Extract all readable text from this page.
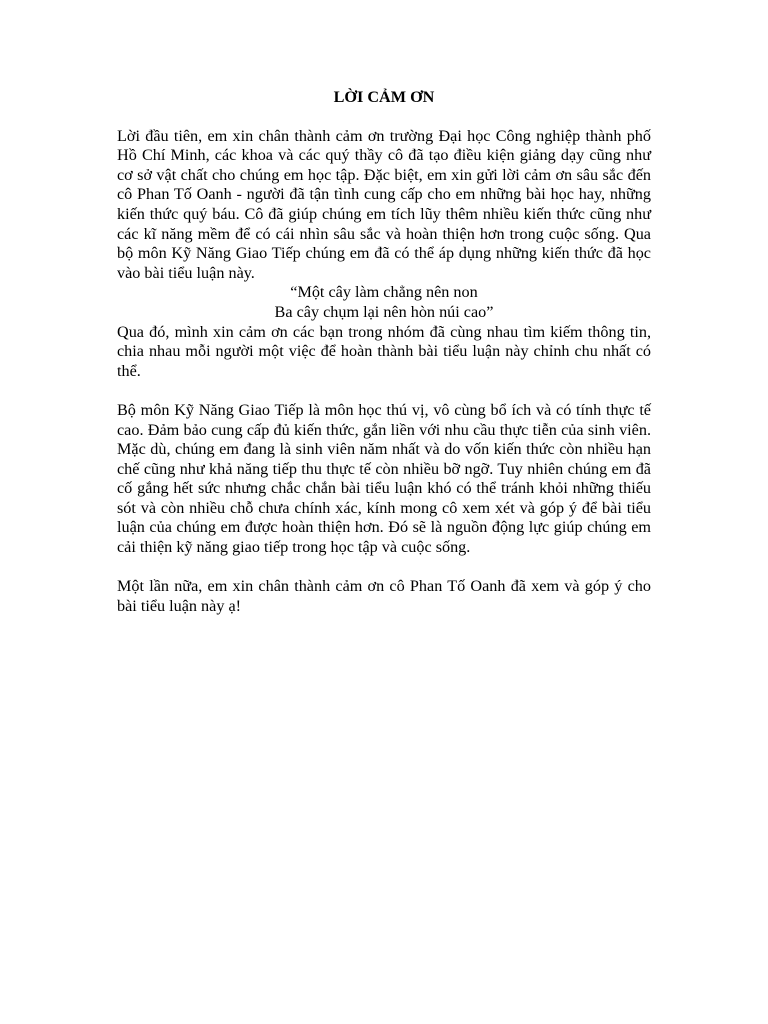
LỜI CẢM ƠN

Lời đầu tiên, em xin chân thành cảm ơn trường Đại học Công nghiệp thành phố Hồ Chí Minh, các khoa và các quý thầy cô đã tạo điều kiện giảng dạy cũng như cơ sở vật chất cho chúng em học tập. Đặc biệt, em xin gửi lời cảm ơn sâu sắc đến cô Phan Tố Oanh - người đã tận tình cung cấp cho em những bài học hay, những kiến thức quý báu. Cô đã giúp chúng em tích lũy thêm nhiều kiến thức cũng như các kĩ năng mềm để có cái nhìn sâu sắc và hoàn thiện hơn trong cuộc sống. Qua bộ môn Kỹ Năng Giao Tiếp chúng em đã có thể áp dụng những kiến thức đã học vào bài tiểu luận này.

“Một cây làm chẳng nên non

Ba cây chụm lại nên hòn núi cao”

Qua đó, mình xin cảm ơn các bạn trong nhóm đã cùng nhau tìm kiếm thông tin, chia nhau mỗi người một việc để hoàn thành bài tiểu luận này chỉnh chu nhất có thể.

Bộ môn Kỹ Năng Giao Tiếp là môn học thú vị, vô cùng bổ ích và có tính thực tế cao. Đảm bảo cung cấp đủ kiến thức, gắn liền với nhu cầu thực tiễn của sinh viên. Mặc dù, chúng em đang là sinh viên năm nhất và do vốn kiến thức còn nhiều hạn chế cũng như khả năng tiếp thu thực tế còn nhiều bỡ ngỡ. Tuy nhiên chúng em đã cố gắng hết sức nhưng chắc chắn bài tiểu luận khó có thể tránh khỏi những thiếu sót và còn nhiều chỗ chưa chính xác, kính mong cô xem xét và góp ý để bài tiểu luận của chúng em được hoàn thiện hơn. Đó sẽ là nguồn động lực giúp chúng em cải thiện kỹ năng giao tiếp trong học tập và cuộc sống.

Một lần nữa, em xin chân thành cảm ơn cô Phan Tố Oanh đã xem và góp ý cho bài tiểu luận này ạ!
